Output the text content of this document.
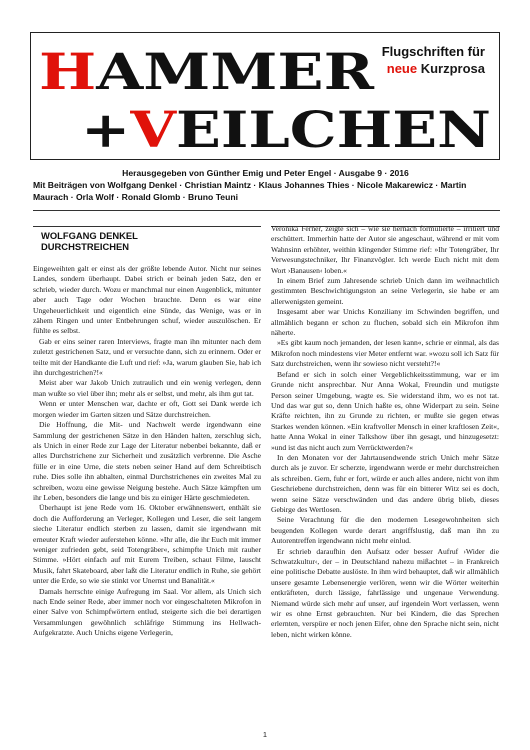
H A M M E R
+ V E IL C H E N
Flugschriften für
neue Kurzprosa
Herausgegeben von Günther Emig und Peter Engel · Ausgabe 9 · 2016
Mit Beiträgen von Wolfgang Denkel · Christian Maintz · Klaus Johannes Thies · Nicole Makarewicz · Martin
Maurach · Orla Wolf · Ronald Glomb · Bruno Teuni
WOLFGANG DENKEL
DURCHSTREICHEN

Eingeweihten galt er einst als der größte lebende Autor. Nicht nur seines Landes, sondern überhaupt. Dabei strich er beinah jeden Satz, den er schrieb, wieder durch. Wozu er manchmal nur einen Augenblick, mitunter aber auch Tage oder Wochen brauchte. Denn es war eine Ungeheuerlichkeit und eigentlich eine Sünde, das Wenige, was er in zähem Ringen und unter Entbehrungen schuf, wieder auszulöschen. Er fühlte es selbst.

Gab er eins seiner raren Interviews, fragte man ihn mitunter nach dem zuletzt gestrichenen Satz, und er versuchte dann, sich zu erinnern. Oder er teilte mit der Handkante die Luft und rief: »Ja, warum glauben Sie, hab ich ihn durchgestrichen?!«

Meist aber war Jakob Unich zutraulich und ein wenig verlegen, denn man wußte so viel über ihn; mehr als er selbst, und mehr, als ihm gut tat.

Wenn er unter Menschen war, dachte er oft, Gott sei Dank werde ich morgen wieder im Garten sitzen und Sätze durchstreichen.

Die Hoffnung, die Mit- und Nachwelt werde irgendwann eine Sammlung der gestrichenen Sätze in den Händen halten, zerschlug sich, als Unich in einer Rede zur Lage der Literatur nebenbei bekannte, daß er alles Durchstrichene zur Sicherheit und zusätzlich verbrenne. Die Asche fülle er in eine Urne, die stets neben seiner Hand auf dem Schreibtisch ruhe. Dies solle ihn abhalten, einmal Durchstrichenes ein zweites Mal zu schreiben, wozu eine gewisse Neigung bestehe. Auch Sätze kämpften um ihr Leben, besonders die lange und bis zu einiger Härte geschmiedeten.

Überhaupt ist jene Rede vom 16. Oktober erwähnenswert, enthält sie doch die Aufforderung an Verleger, Kollegen und Leser, die seit langem sieche Literatur endlich sterben zu lassen, damit sie irgendwann mit erneuter Kraft wieder auferstehen könne. »Ihr alle, die ihr Euch mit immer weniger zufrieden gebt, seid Totengräber«, schimpfte Unich mit rauher Stimme. »Hört einfach auf mit Eurem Treiben, schaut Filme, lauscht Musik, fahrt Skateboard, aber laßt die Literatur endlich in Ruhe, sie gehört unter die Erde, so wie sie stinkt vor Unernst und Banalität.«

Damals herrschte einige Aufregung im Saal. Vor allem, als Unich sich nach Ende seiner Rede, aber immer noch vor eingeschalteten Mikrofon in einer Salve von Schimpfwörtern entlud, steigerte sich die bei derartigen Versammlungen gewöhnlich schläfrige Stimmung ins Hellwach-Aufgekratzte. Auch Unichs eigene Verlegerin,

Veronika Ferner, zeigte sich – wie sie hernach formulierte – irritiert und erschüttert. Immerhin hatte der Autor sie angeschaut, während er mit vom Wahnsinn erhöhter, weithin klingender Stimme rief: »Ihr Totengräber, Ihr Verwesungstechniker, Ihr Finanzvögler. Ich werde Euch nicht mit dem Wort ›Banausen‹ loben.«

In einem Brief zum Jahresende schrieb Unich dann im weihnachtlich gestimmten Beschwichtigungston an seine Verlegerin, sie habe er am allerwenigsten gemeint.

Insgesamt aber war Unichs Konziliany im Schwinden begriffen, und allmählich begann er schon zu fluchen, sobald sich ein Mikrofon ihm näherte.

»Es gibt kaum noch jemanden, der lesen kann«, schrie er einmal, als das Mikrofon noch mindestens vier Meter entfernt war. »wozu soll ich Satz für Satz durchstreichen, wenn ihr sowieso nicht versteht?!«

Befand er sich in solch einer Vergeblichkeitsstimmung, war er im Grunde nicht ansprechbar. Nur Anna Wokal, Freundin und mutigste Person seiner Umgebung, wagte es. Sie widerstand ihm, wo es not tat. Und das war gut so, denn Unich haßte es, ohne Widerpart zu sein. Seine Kräfte reichten, ihn zu Grunde zu richten, er mußte sie gegen etwas Starkes wenden können. »Ein kraftvoller Mensch in einer kraftlosen Zeit«, hatte Anna Wokal in einer Talkshow über ihn gesagt, und hinzugesetzt: »und ist das nicht auch zum Verrücktwerden?«

In den Monaten vor der Jahrtausendwende strich Unich mehr Sätze durch als je zuvor. Er scherzte, irgendwann werde er mehr durchstreichen als schreiben. Gern, fuhr er fort, würde er auch alles andere, nicht von ihm Geschriebene durchstreichen, denn was für ein bitterer Witz sei es doch, wenn seine Sätze verschwänden und das andere übrig blieb, dieses Gebirge des Wertlosen.

Seine Verachtung für die den modernen Lesegewohnheiten sich beugenden Kollegen wurde derart angriffslustig, daß man ihn zu Autorentreffen irgendwann nicht mehr einlud.

Er schrieb daraufhin den Aufsatz oder besser Aufruf ›Wider die Schwatzkultur‹, der – in Deutschland nahezu mißachtet – in Frankreich eine politische Debatte auslöste. In ihm wird behauptet, daß wir allmählich unsere gesamte Lebensenergie verlören, wenn wir die Wörter weiterhin entkräfteten, durch lässige, fahrlässige und ungenaue Verwendung. Niemand würde sich mehr auf unser, auf irgendein Wort verlassen, wenn wir es ohne Ernst gebrauchten. Nur bei Kindern, die das Sprechen erlernten, verspüre er noch jenen Eifer, ohne den Sprache nicht sein, nicht leben, nicht wirken könne.

1
